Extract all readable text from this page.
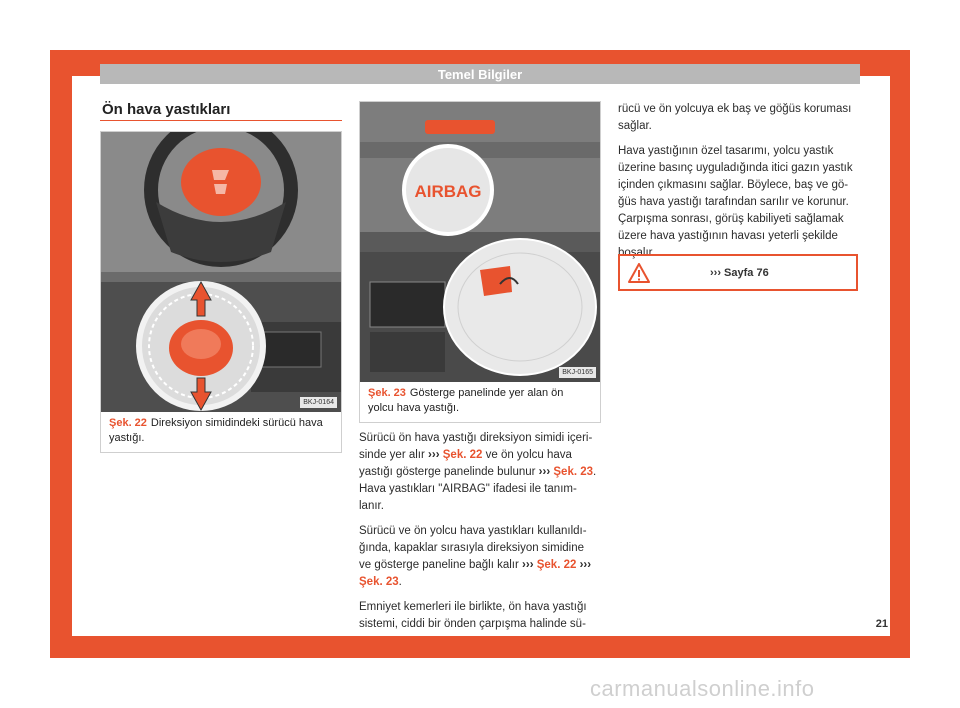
Temel Bilgiler
Ön hava yastıkları
BKJ-0164
Şek. 22 Direksiyon simidindeki sürücü hava yastığı.
AIRBAG
BKJ-0165
Şek. 23 Gösterge panelinde yer alan ön yolcu hava yastığı.

Sürücü ön hava yastığı direksiyon simidi içeri-sinde yer alır ››› Şek. 22 ve ön yolcu hava yastığı gösterge panelinde bulunur ››› Şek. 23. Hava yastıkları "AIRBAG" ifadesi ile tanım-lanır.

Sürücü ve ön yolcu hava yastıkları kullanıldı-ğında, kapaklar sırasıyla direksiyon simidine ve gösterge paneline bağlı kalır ››› Şek. 22 ››› Şek. 23.

Emniyet kemerleri ile birlikte, ön hava yastığı sistemi, ciddi bir önden çarpışma halinde sü-

rücü ve ön yolcuya ek baş ve göğüs koruması sağlar.

Hava yastığının özel tasarımı, yolcu yastık üzerine basınç uyguladığında itici gazın yastık içinden çıkmasını sağlar. Böylece, baş ve gö-ğüs hava yastığı tarafından sarılır ve korunur. Çarpışma sonrası, görüş kabiliyeti sağlamak üzere hava yastığının havası yeterli şekilde boşalır.

››› Sayfa 76
21
carmanualsonline.info
